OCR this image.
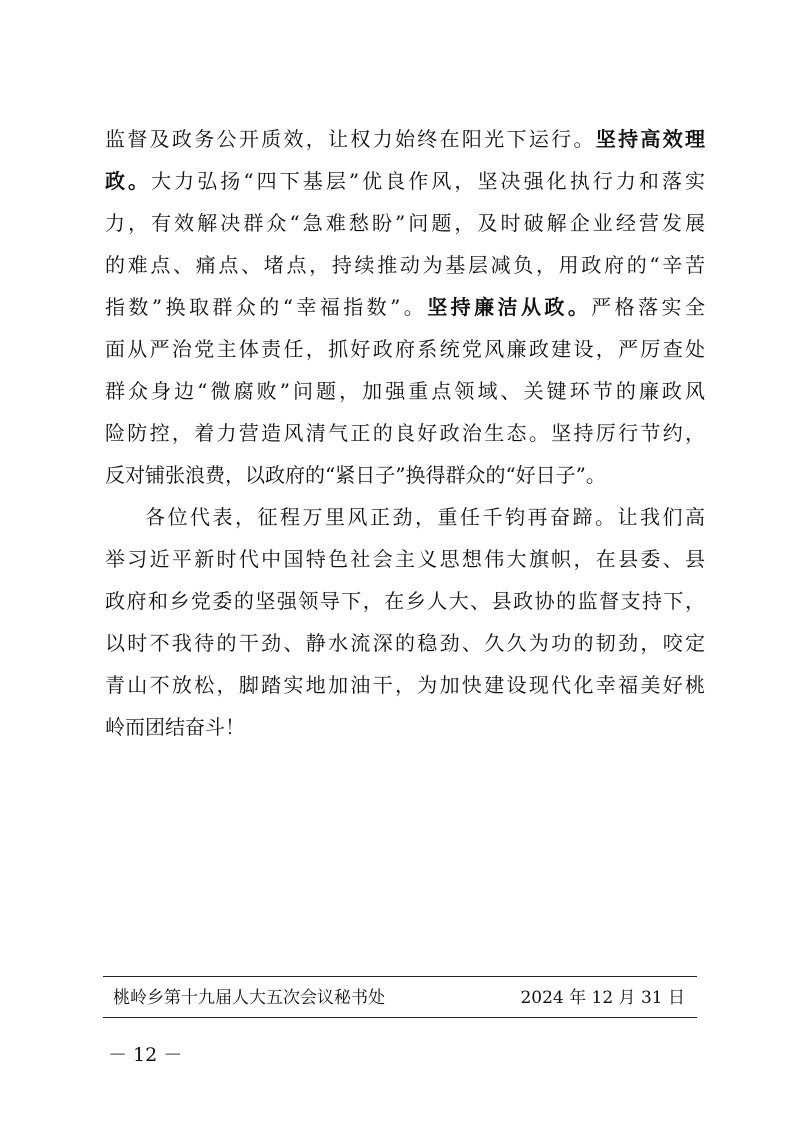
监督及政务公开质效，让权力始终在阳光下运行。坚持高效理
政。大力弘扬“四下基层”优良作风，坚决强化执行力和落实
力，有效解决群众“急难愁盼”问题，及时破解企业经营发展
的难点、痛点、堵点，持续推动为基层减负，用政府的“辛苦
指数”换取群众的“幸福指数”。坚持廉洁从政。严格落实全
面从严治党主体责任，抓好政府系统党风廉政建设，严厉查处
群众身边“微腐败”问题，加强重点领域、关键环节的廉政风
险防控，着力营造风清气正的良好政治生态。坚持厉行节约，
反对铺张浪费，以政府的“紧日子”换得群众的“好日子”。
各位代表，征程万里风正劲，重任千钧再奋蹄。让我们高
举习近平新时代中国特色社会主义思想伟大旗帜，在县委、县
政府和乡党委的坚强领导下，在乡人大、县政协的监督支持下，
以时不我待的干劲、静水流深的稳劲、久久为功的韧劲，咬定
青山不放松，脚踏实地加油干，为加快建设现代化幸福美好桃
岭而团结奋斗！
桃岭乡第十九届人大五次会议秘书处	2024 年 12 月 31 日
－ 12 －
